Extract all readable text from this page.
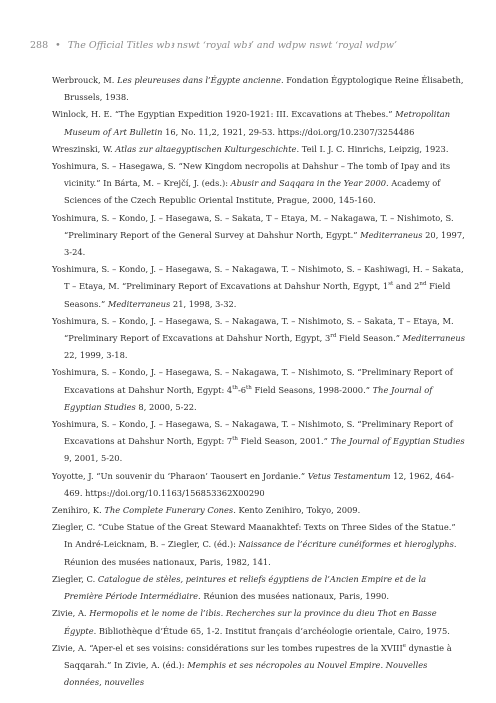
288 • The Official Titles wbꜣ nswt ‘royal wbꜣ’ and wdpw nswt ‘royal wdpw’

Werbrouck, M. Les pleureuses dans l’Égypte ancienne. Fondation Égyptologique Reine Élisabeth, Brussels, 1938.

Winlock, H. E. “The Egyptian Expedition 1920-1921: III. Excavations at Thebes.” Metropolitan Museum of Art Bulletin 16, No. 11,2, 1921, 29-53. https://doi.org/10.2307/3254486

Wreszinski, W. Atlas zur altaegyptischen Kulturgeschichte. Teil I. J. C. Hinrichs, Leipzig, 1923.

Yoshimura, S. – Hasegawa, S. “New Kingdom necropolis at Dahshur – The tomb of Ipay and its vicinity.” In Bárta, M. – Krejčí, J. (eds.): Abusir and Saqqara in the Year 2000. Academy of Sciences of the Czech Republic Oriental Institute, Prague, 2000, 145-160.

Yoshimura, S. – Kondo, J. – Hasegawa, S. – Sakata, T – Etaya, M. – Nakagawa, T. – Nishimoto, S. “Preliminary Report of the General Survey at Dahshur North, Egypt.” Mediterraneus 20, 1997, 3-24.

Yoshimura, S. – Kondo, J. – Hasegawa, S. – Nakagawa, T. – Nishimoto, S. – Kashiwagi, H. – Sakata, T – Etaya, M. “Preliminary Report of Excavations at Dahshur North, Egypt, 1st and 2nd Field Seasons.” Mediterraneus 21, 1998, 3-32.

Yoshimura, S. – Kondo, J. – Hasegawa, S. – Nakagawa, T. – Nishimoto, S. – Sakata, T – Etaya, M. “Preliminary Report of Excavations at Dahshur North, Egypt, 3rd Field Season.” Mediterraneus 22, 1999, 3-18.

Yoshimura, S. – Kondo, J. – Hasegawa, S. – Nakagawa, T. – Nishimoto, S. “Preliminary Report of Excavations at Dahshur North, Egypt: 4th-6th Field Seasons, 1998-2000.” The Journal of Egyptian Studies 8, 2000, 5-22.

Yoshimura, S. – Kondo, J. – Hasegawa, S. – Nakagawa, T. – Nishimoto, S. “Preliminary Report of Excavations at Dahshur North, Egypt: 7th Field Season, 2001.” The Journal of Egyptian Studies 9, 2001, 5-20.

Yoyotte, J. “Un souvenir du ‘Pharaon’ Taousert en Jordanie.” Vetus Testamentum 12, 1962, 464-469. https://doi.org/10.1163/156853362X00290

Zenihiro, K. The Complete Funerary Cones. Kento Zenihiro, Tokyo, 2009.

Ziegler, C. “Cube Statue of the Great Steward Maanakhtef: Texts on Three Sides of the Statue.” In André-Leicknam, B. – Ziegler, C. (éd.): Naissance de l’écriture cunéiformes et hieroglyphs. Réunion des musées nationaux, Paris, 1982, 141.

Ziegler, C. Catalogue de stèles, peintures et reliefs égyptiens de l’Ancien Empire et de la Première Période Intermédiaire. Réunion des musées nationaux, Paris, 1990.

Zivie, A. Hermopolis et le nome de l’ibis. Recherches sur la province du dieu Thot en Basse Égypte. Bibliothèque d’Étude 65, 1-2. Institut français d’archéologie orientale, Cairo, 1975.

Zivie, A. “Aper-el et ses voisins: considérations sur les tombes rupestres de la XVIIIe dynastie à Saqqarah.” In Zivie, A. (éd.): Memphis et ses nécropoles au Nouvel Empire. Nouvelles données, nouvelles
